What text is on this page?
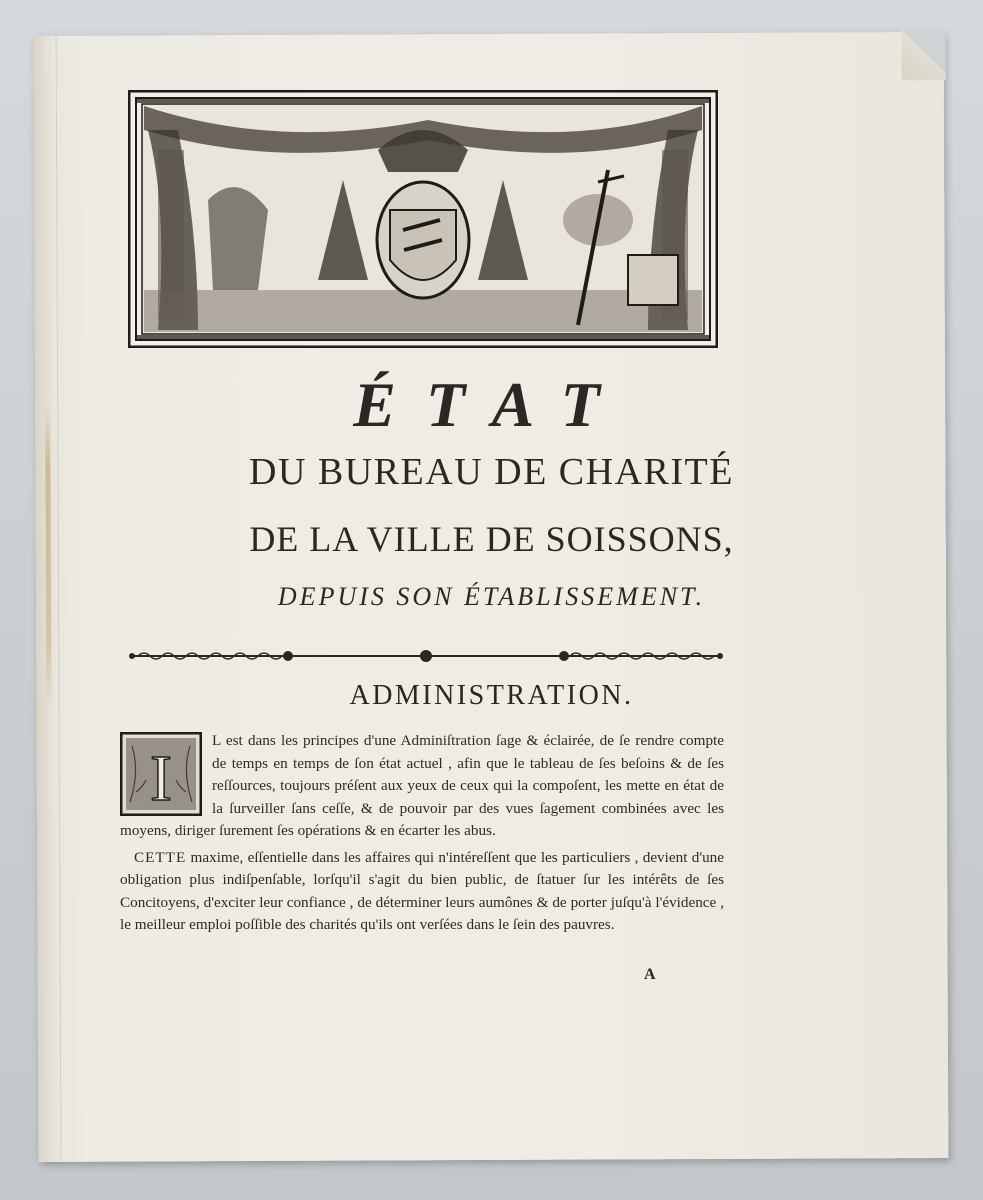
ÉTAT
DU BUREAU DE CHARITÉ
DE LA VILLE DE SOISSONS,
DEPUIS SON ÉTABLISSEMENT.
ADMINISTRATION.
I

L est dans les principes d'une Adminiſtration ſage & éclairée, de ſe rendre compte de temps en temps de ſon état actuel , afin que le tableau de ſes beſoins & de ſes reſſources, toujours préſent aux yeux de ceux qui la compoſent, les mette en état de la ſurveiller ſans ceſſe, & de pouvoir par des vues ſagement combinées avec les moyens, diriger ſurement ſes opérations & en écarter les abus.

CETTE maxime, eſſentielle dans les affaires qui n'intéreſſent que les particuliers , devient d'une obligation plus indiſpenſable, lorſqu'il s'agit du bien public, de ſtatuer ſur les intérêts de ſes Concitoyens, d'exciter leur confiance , de déterminer leurs aumônes & de porter juſqu'à l'évidence , le meilleur emploi poſſible des charités qu'ils ont verſées dans le ſein des pauvres.

A
